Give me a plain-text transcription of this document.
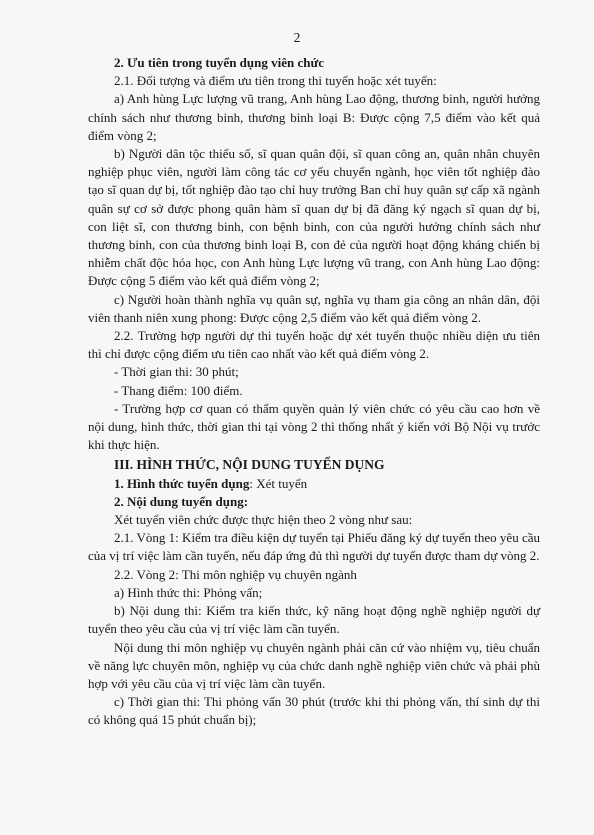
2

2. Ưu tiên trong tuyển dụng viên chức

2.1. Đối tượng và điểm ưu tiên trong thi tuyển hoặc xét tuyển:

a) Anh hùng Lực lượng vũ trang, Anh hùng Lao động, thương binh, người hưởng chính sách như thương binh, thương binh loại B: Được cộng 7,5 điểm vào kết quả điểm vòng 2;

b) Người dân tộc thiểu số, sĩ quan quân đội, sĩ quan công an, quân nhân chuyên nghiệp phục viên, người làm công tác cơ yếu chuyển ngành, học viên tốt nghiệp đào tạo sĩ quan dự bị, tốt nghiệp đào tạo chỉ huy trưởng Ban chỉ huy quân sự cấp xã ngành quân sự cơ sở được phong quân hàm sĩ quan dự bị đã đăng ký ngạch sĩ quan dự bị, con liệt sĩ, con thương binh, con bệnh binh, con của người hưởng chính sách như thương binh, con của thương binh loại B, con đẻ của người hoạt động kháng chiến bị nhiễm chất độc hóa học, con Anh hùng Lực lượng vũ trang, con Anh hùng Lao động: Được cộng 5 điểm vào kết quả điểm vòng 2;

c) Người hoàn thành nghĩa vụ quân sự, nghĩa vụ tham gia công an nhân dân, đội viên thanh niên xung phong: Được cộng 2,5 điểm vào kết quả điểm vòng 2.

2.2. Trường hợp người dự thi tuyển hoặc dự xét tuyển thuộc nhiều diện ưu tiên thì chỉ được cộng điểm ưu tiên cao nhất vào kết quả điểm vòng 2.

- Thời gian thi: 30 phút;

- Thang điểm: 100 điểm.

- Trường hợp cơ quan có thẩm quyền quản lý viên chức có yêu cầu cao hơn về nội dung, hình thức, thời gian thi tại vòng 2 thì thống nhất ý kiến với Bộ Nội vụ trước khi thực hiện.

III. HÌNH THỨC, NỘI DUNG TUYỂN DỤNG

1. Hình thức tuyển dụng: Xét tuyển

2. Nội dung tuyển dụng:

Xét tuyển viên chức được thực hiện theo 2 vòng như sau:

2.1. Vòng 1: Kiểm tra điều kiện dự tuyển tại Phiếu đăng ký dự tuyển theo yêu cầu của vị trí việc làm cần tuyển, nếu đáp ứng đủ thì người dự tuyển được tham dự vòng 2.

2.2. Vòng 2: Thi môn nghiệp vụ chuyên ngành

a) Hình thức thi: Phỏng vấn;

b) Nội dung thi: Kiểm tra kiến thức, kỹ năng hoạt động nghề nghiệp người dự tuyển theo yêu cầu của vị trí việc làm cần tuyển.

Nội dung thi môn nghiệp vụ chuyên ngành phải căn cứ vào nhiệm vụ, tiêu chuẩn về năng lực chuyên môn, nghiệp vụ của chức danh nghề nghiệp viên chức và phải phù hợp với yêu cầu của vị trí việc làm cần tuyển.

c) Thời gian thi: Thi phỏng vấn 30 phút (trước khi thi phỏng vấn, thí sinh dự thi có không quá 15 phút chuẩn bị);
